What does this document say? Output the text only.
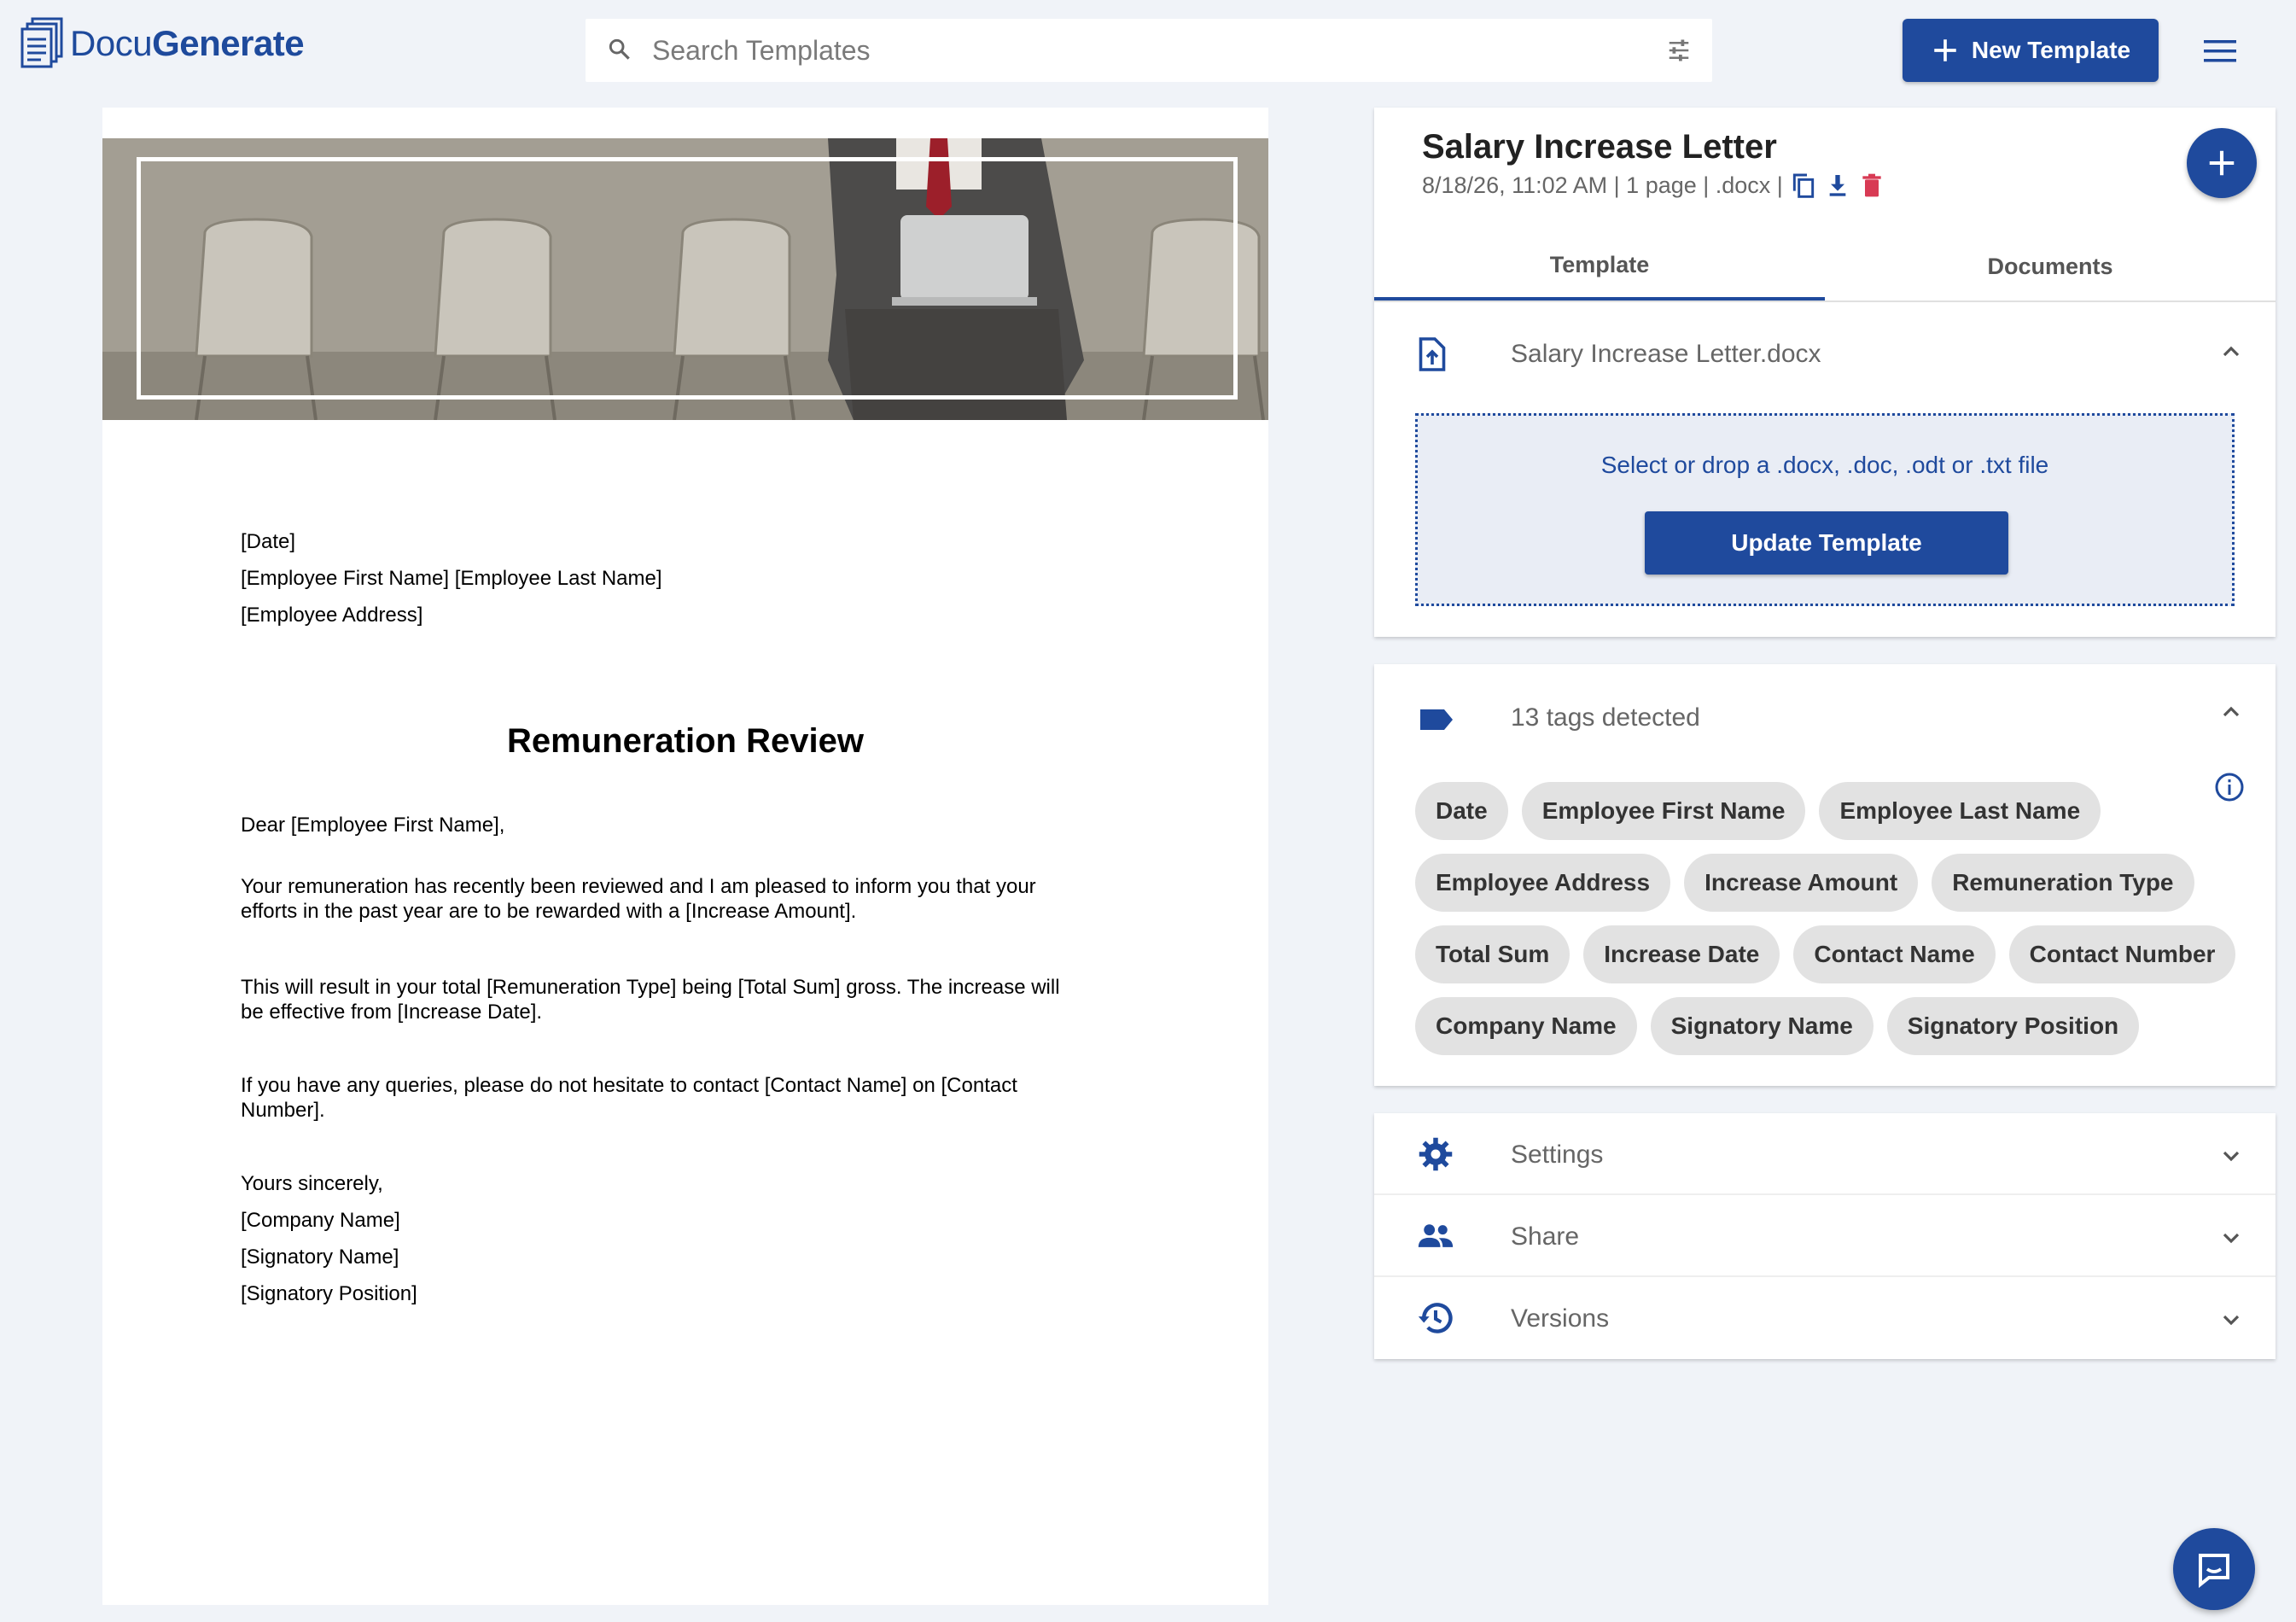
DocuGenerate
Search Templates	New Template
[Date]
[Employee First Name] [Employee Last Name]
[Employee Address]
Remuneration Review
Dear [Employee First Name],
Your remuneration has recently been reviewed and I am pleased to inform you that your
efforts in the past year are to be rewarded with a [Increase Amount].
This will result in your total [Remuneration Type] being [Total Sum] gross. The increase will
be effective from [Increase Date].
If you have any queries, please do not hesitate to contact [Contact Name] on [Contact
Number].
Yours sincerely,
[Company Name]
[Signatory Name]
[Signatory Position]
Salary Increase Letter
8/18/26, 11:02 AM | 1 page | .docx |
Template	Documents
Salary Increase Letter.docx
Select or drop a .docx, .doc, .odt or .txt file
Update Template
13 tags detected
Date	Employee First Name	Employee Last Name
Employee Address	Increase Amount	Remuneration Type
Total Sum	Increase Date	Contact Name	Contact Number
Company Name	Signatory Name	Signatory Position
Settings
Share
Versions
